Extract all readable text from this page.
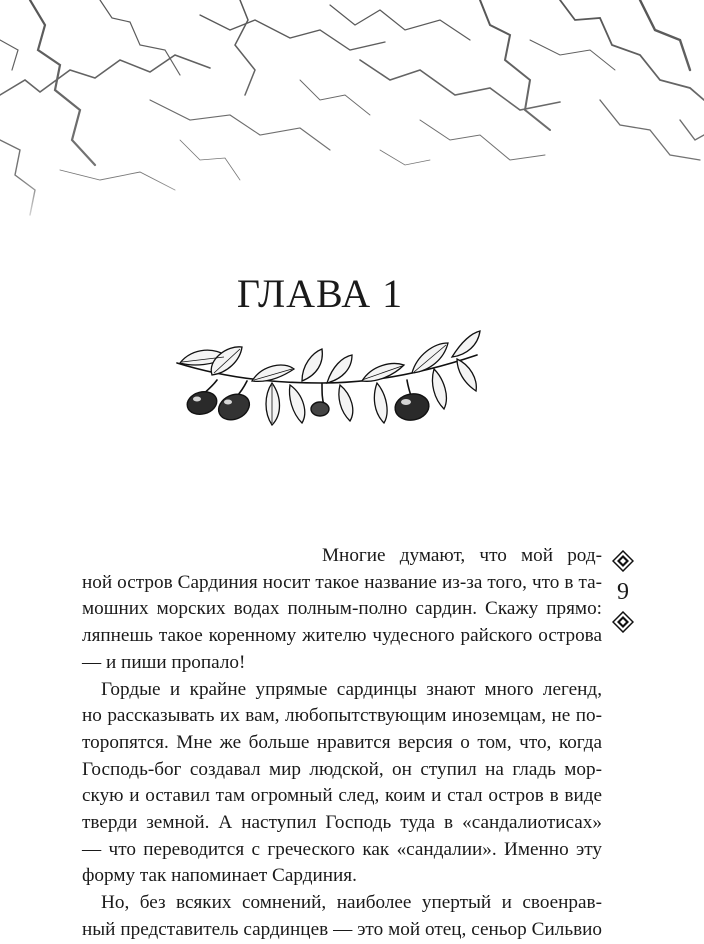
ГЛАВА 1

Многие думают, что мой род-
ной остров Сардиния носит такое название из-за того, что в та-
мошних морских водах полным-полно сардин. Скажу прямо:
ляпнешь такое коренному жителю чудесного райского острова
— и пиши пропало!

Гордые и крайне упрямые сардинцы знают много легенд,
но рассказывать их вам, любопытствующим иноземцам, не по-
торопятся. Мне же больше нравится версия о том, что, когда
Господь-бог создавал мир людской, он ступил на гладь мор-
скую и оставил там огромный след, коим и стал остров в виде
тверди земной. А наступил Господь туда в «сандалиотисах»
— что переводится с греческого как «сандалии». Именно эту
форму так напоминает Сардиния.

Но, без всяких сомнений, наиболее упертый и своенрав-
ный представитель сардинцев — это мой отец, сеньор Сильвио

9
